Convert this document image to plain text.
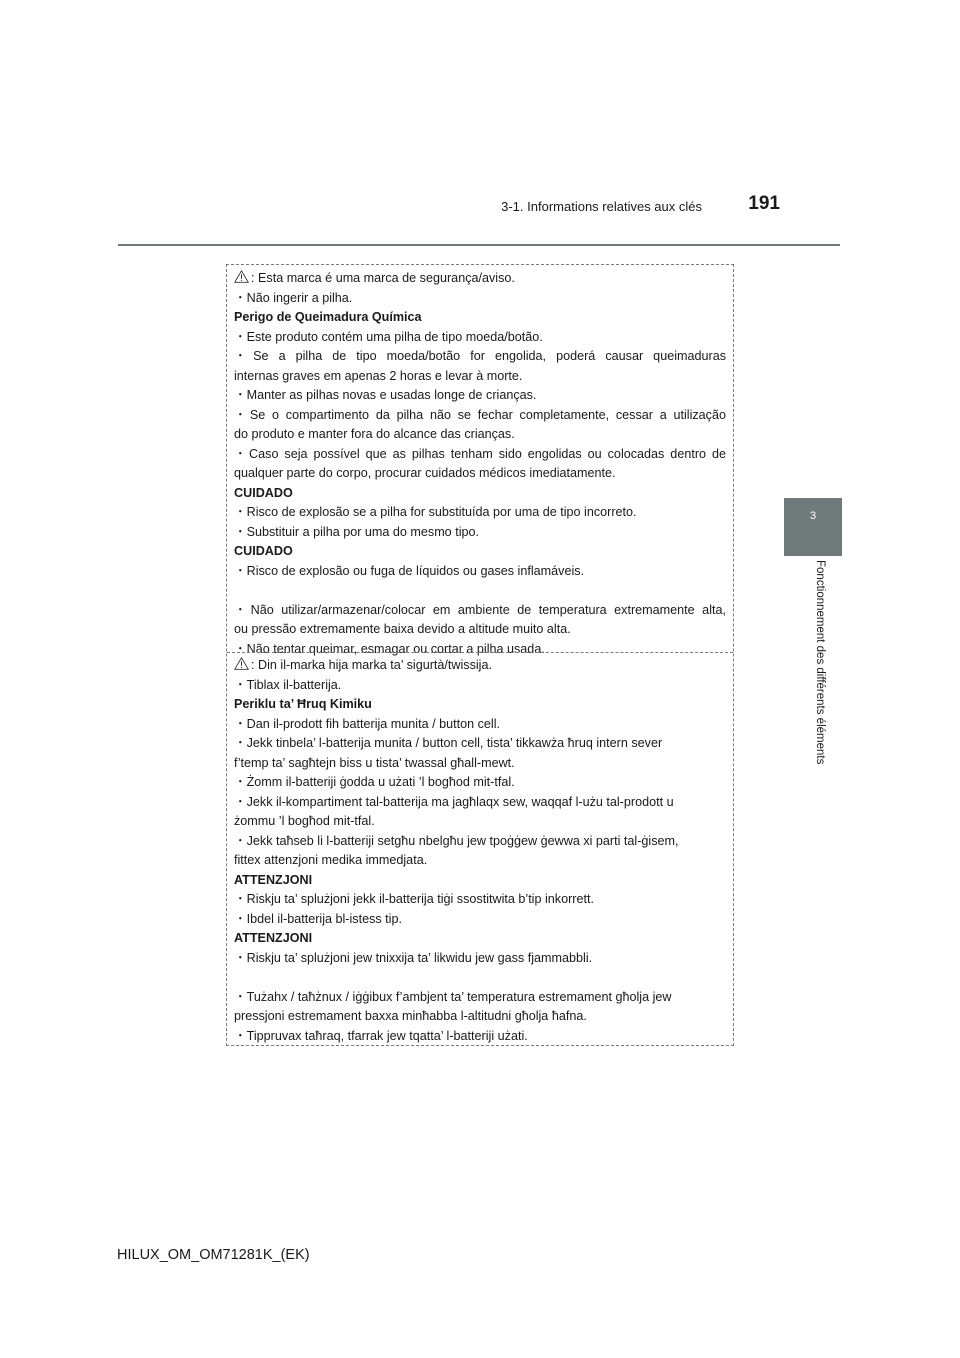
3-1. Informations relatives aux clés	191
3
Fonctionnement des différents éléments

: Esta marca é uma marca de segurança/aviso.

・Não ingerir a pilha.

Perigo de Queimadura Química

・Este produto contém uma pilha de tipo moeda/botão.

・Se a pilha de tipo moeda/botão for engolida, poderá causar queimaduras

internas graves em apenas 2 horas e levar à morte.

・Manter as pilhas novas e usadas longe de crianças.

・Se o compartimento da pilha não se fechar completamente, cessar a utilização

do produto e manter fora do alcance das crianças.

・Caso seja possível que as pilhas tenham sido engolidas ou colocadas dentro de

qualquer parte do corpo, procurar cuidados médicos imediatamente.

CUIDADO

・Risco de explosão se a pilha for substituída por uma de tipo incorreto.

・Substituir a pilha por uma do mesmo tipo.

CUIDADO

・Risco de explosão ou fuga de líquidos ou gases inflamáveis.

・Não utilizar/armazenar/colocar em ambiente de temperatura extremamente alta,

ou pressão extremamente baixa devido a altitude muito alta.

・Não tentar queimar, esmagar ou cortar a pilha usada.

: Din il-marka hija marka ta’ sigurtà/twissija.

・Tiblax il-batterija.

Periklu ta’ Ħruq Kimiku

・Dan il-prodott fih batterija munita / button cell.

・Jekk tinbela’ l-batterija munita / button cell, tista’ tikkawża ħruq intern sever

f’temp ta’ sagħtejn biss u tista’ twassal għall-mewt.

・Żomm il-batteriji ġodda u użati ’l bogħod mit-tfal.

・Jekk il-kompartiment tal-batterija ma jagħlaqx sew, waqqaf l-użu tal-prodott u

żommu ’l bogħod mit-tfal.

・Jekk taħseb li l-batteriji setgħu nbelgħu jew tpoġġew ġewwa xi parti tal-ġisem,

fittex attenzjoni medika immedjata.

ATTENZJONI

・Riskju ta’ splużjoni jekk il-batterija tiġi ssostitwita b’tip inkorrett.

・Ibdel il-batterija bl-istess tip.

ATTENZJONI

・Riskju ta’ splużjoni jew tnixxija ta’ likwidu jew gass fjammabbli.

・Tużahx / taħżnux / iġġibux f’ambjent ta’ temperatura estremament għolja jew

pressjoni estremament baxxa minħabba l-altitudni għolja ħafna.

・Tippruvax taħraq, tfarrak jew tqatta’ l-batteriji użati.

HILUX_OM_OM71281K_(EK)
